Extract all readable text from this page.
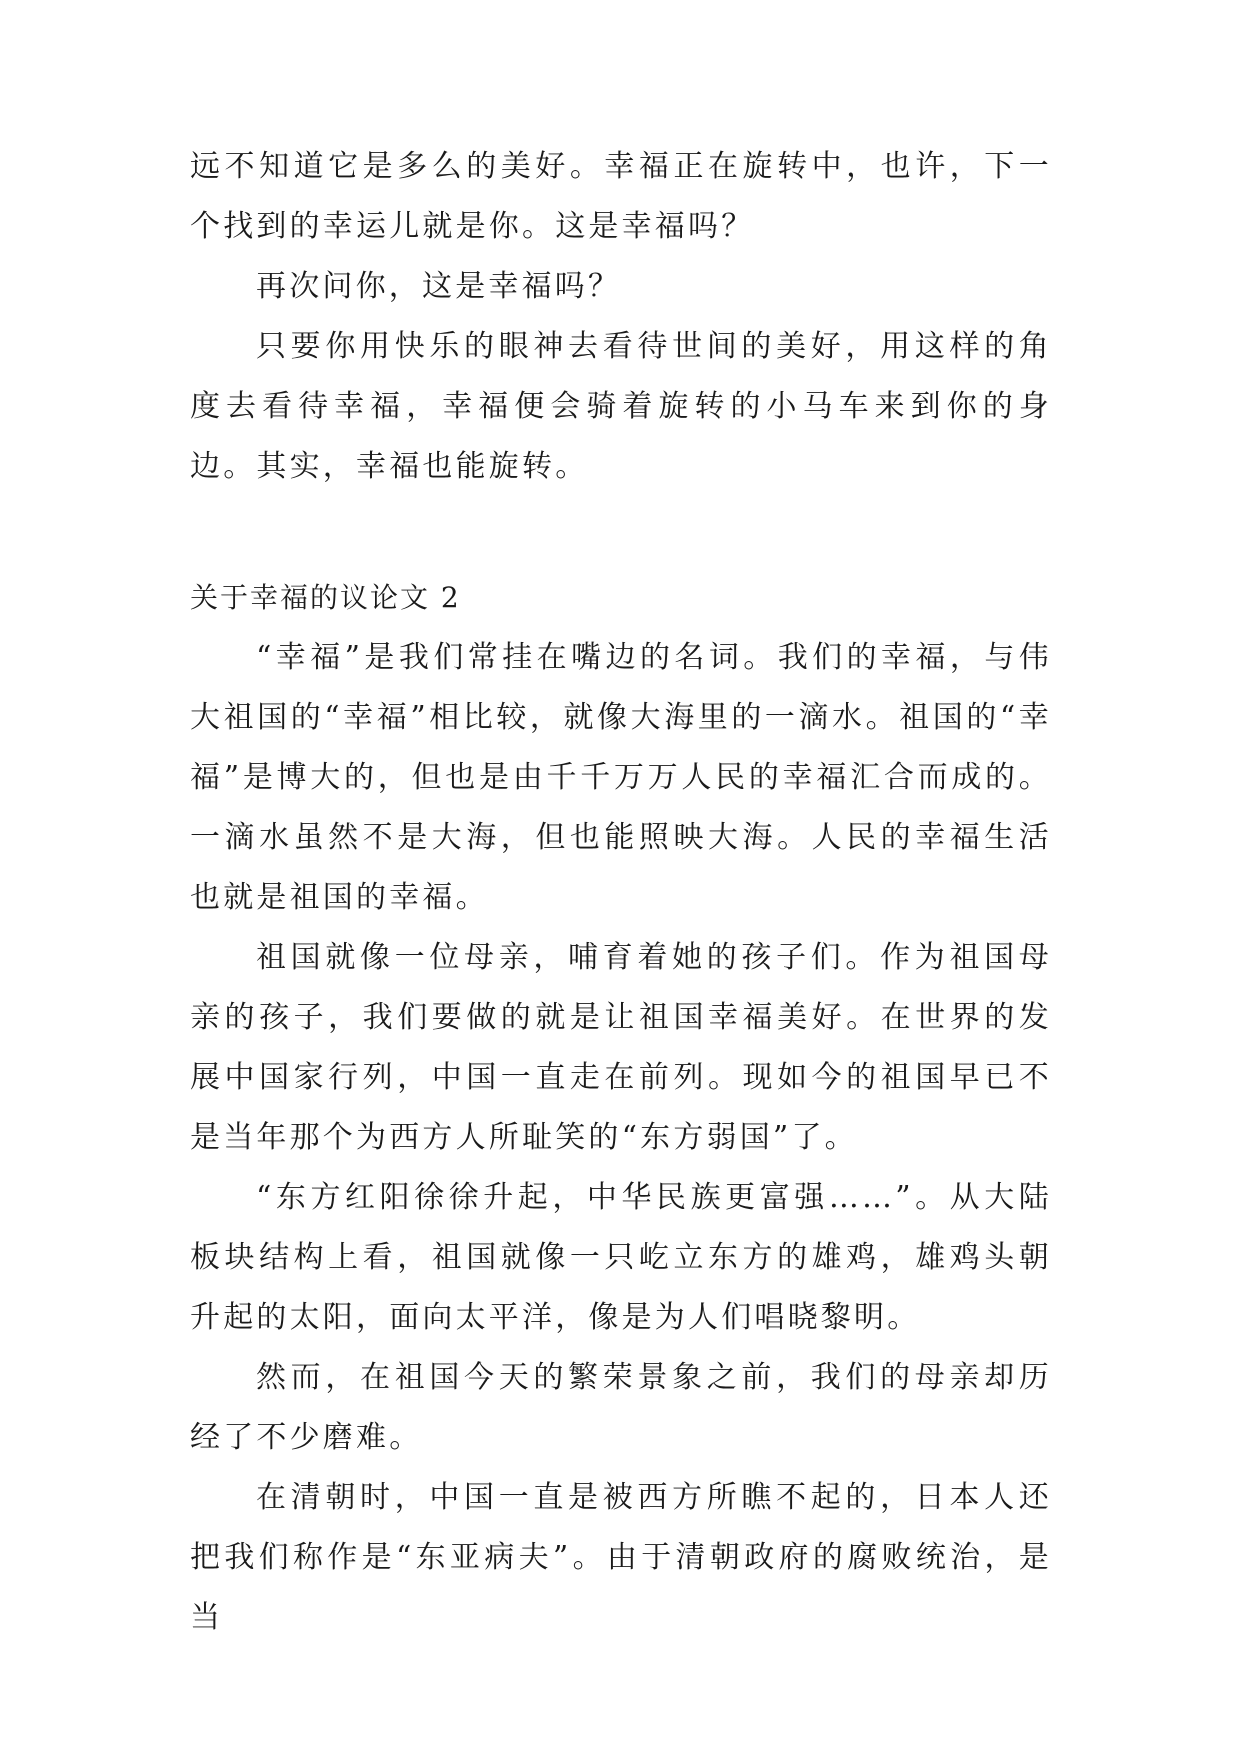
远不知道它是多么的美好。幸福正在旋转中，也许，下一个找到的幸运儿就是你。这是幸福吗？

再次问你，这是幸福吗？

只要你用快乐的眼神去看待世间的美好，用这样的角度去看待幸福，幸福便会骑着旋转的小马车来到你的身边。其实，幸福也能旋转。

关于幸福的议论文 2

“幸福”是我们常挂在嘴边的名词。我们的幸福，与伟大祖国的“幸福”相比较，就像大海里的一滴水。祖国的“幸福”是博大的，但也是由千千万万人民的幸福汇合而成的。一滴水虽然不是大海，但也能照映大海。人民的幸福生活也就是祖国的幸福。

祖国就像一位母亲，哺育着她的孩子们。作为祖国母亲的孩子，我们要做的就是让祖国幸福美好。在世界的发展中国家行列，中国一直走在前列。现如今的祖国早已不是当年那个为西方人所耻笑的“东方弱国”了。

“东方红阳徐徐升起，中华民族更富强……”。从大陆板块结构上看，祖国就像一只屹立东方的雄鸡，雄鸡头朝升起的太阳，面向太平洋，像是为人们唱晓黎明。

然而，在祖国今天的繁荣景象之前，我们的母亲却历经了不少磨难。

在清朝时，中国一直是被西方所瞧不起的，日本人还把我们称作是“东亚病夫”。由于清朝政府的腐败统治，是当
